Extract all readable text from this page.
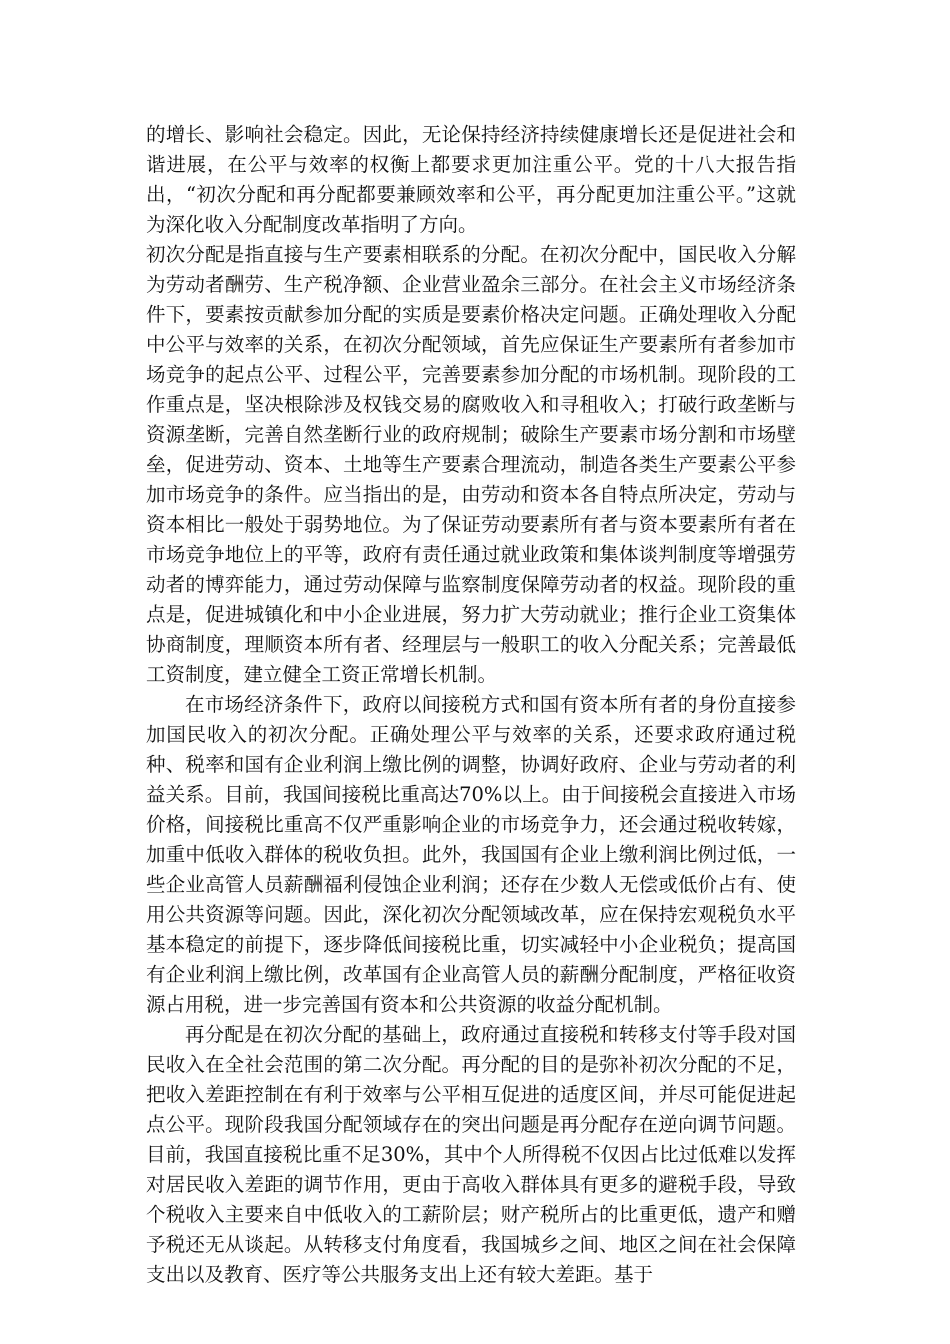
的增长、影响社会稳定。因此，无论保持经济持续健康增长还是促进社会和谐进展，在公平与效率的权衡上都要求更加注重公平。党的十八大报告指出，“初次分配和再分配都要兼顾效率和公平，再分配更加注重公平。”这就为深化收入分配制度改革指明了方向。

初次分配是指直接与生产要素相联系的分配。在初次分配中，国民收入分解为劳动者酬劳、生产税净额、企业营业盈余三部分。在社会主义市场经济条件下，要素按贡献参加分配的实质是要素价格决定问题。正确处理收入分配中公平与效率的关系，在初次分配领域，首先应保证生产要素所有者参加市场竞争的起点公平、过程公平，完善要素参加分配的市场机制。现阶段的工作重点是，坚决根除涉及权钱交易的腐败收入和寻租收入；打破行政垄断与资源垄断，完善自然垄断行业的政府规制；破除生产要素市场分割和市场壁垒，促进劳动、资本、土地等生产要素合理流动，制造各类生产要素公平参加市场竞争的条件。应当指出的是，由劳动和资本各自特点所决定，劳动与资本相比一般处于弱势地位。为了保证劳动要素所有者与资本要素所有者在市场竞争地位上的平等，政府有责任通过就业政策和集体谈判制度等增强劳动者的博弈能力，通过劳动保障与监察制度保障劳动者的权益。现阶段的重点是，促进城镇化和中小企业进展，努力扩大劳动就业；推行企业工资集体协商制度，理顺资本所有者、经理层与一般职工的收入分配关系；完善最低工资制度，建立健全工资正常增长机制。

在市场经济条件下，政府以间接税方式和国有资本所有者的身份直接参加国民收入的初次分配。正确处理公平与效率的关系，还要求政府通过税种、税率和国有企业利润上缴比例的调整，协调好政府、企业与劳动者的利益关系。目前，我国间接税比重高达70%以上。由于间接税会直接进入市场价格，间接税比重高不仅严重影响企业的市场竞争力，还会通过税收转嫁，加重中低收入群体的税收负担。此外，我国国有企业上缴利润比例过低，一些企业高管人员薪酬福利侵蚀企业利润；还存在少数人无偿或低价占有、使用公共资源等问题。因此，深化初次分配领域改革，应在保持宏观税负水平基本稳定的前提下，逐步降低间接税比重，切实减轻中小企业税负；提高国有企业利润上缴比例，改革国有企业高管人员的薪酬分配制度，严格征收资源占用税，进一步完善国有资本和公共资源的收益分配机制。

再分配是在初次分配的基础上，政府通过直接税和转移支付等手段对国民收入在全社会范围的第二次分配。再分配的目的是弥补初次分配的不足，把收入差距控制在有利于效率与公平相互促进的适度区间，并尽可能促进起点公平。现阶段我国分配领域存在的突出问题是再分配存在逆向调节问题。目前，我国直接税比重不足30%，其中个人所得税不仅因占比过低难以发挥对居民收入差距的调节作用，更由于高收入群体具有更多的避税手段，导致个税收入主要来自中低收入的工薪阶层；财产税所占的比重更低，遗产和赠予税还无从谈起。从转移支付角度看，我国城乡之间、地区之间在社会保障支出以及教育、医疗等公共服务支出上还有较大差距。基于
